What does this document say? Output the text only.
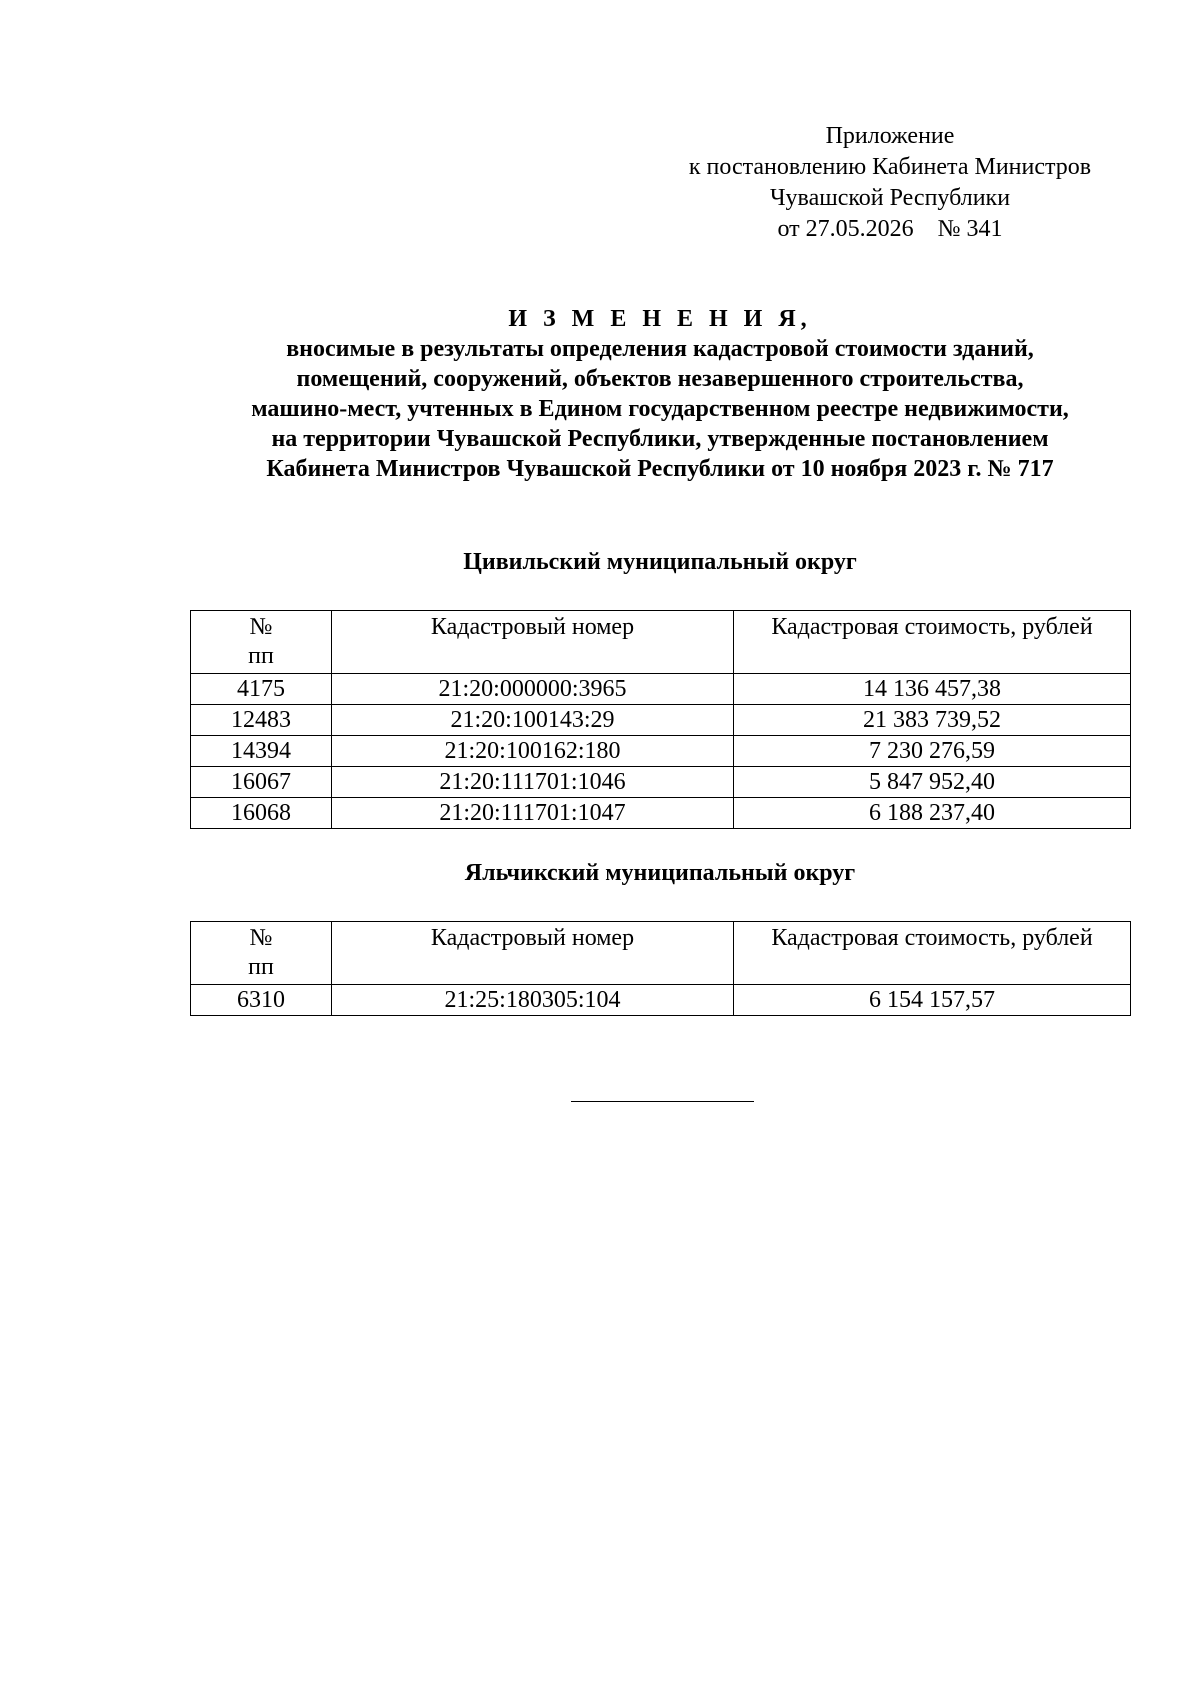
Приложение
к постановлению Кабинета Министров
Чувашской Республики
от 27.05.2026 № 341
И З М Е Н Е Н И Я,
вносимые в результаты определения кадастровой стоимости зданий,
помещений, сооружений, объектов незавершенного строительства,
машино-мест, учтенных в Едином государственном реестре недвижимости,
на территории Чувашской Республики, утвержденные постановлением
Кабинета Министров Чувашской Республики от 10 ноября 2023 г. № 717
Цивильский муниципальный округ
№
пп	Кадастровый номер	Кадастровая стоимость, рублей
4175	21:20:000000:3965	14 136 457,38
12483	21:20:100143:29	21 383 739,52
14394	21:20:100162:180	7 230 276,59
16067	21:20:111701:1046	5 847 952,40
16068	21:20:111701:1047	6 188 237,40
Яльчикский муниципальный округ
№
пп	Кадастровый номер	Кадастровая стоимость, рублей
6310	21:25:180305:104	6 154 157,57
